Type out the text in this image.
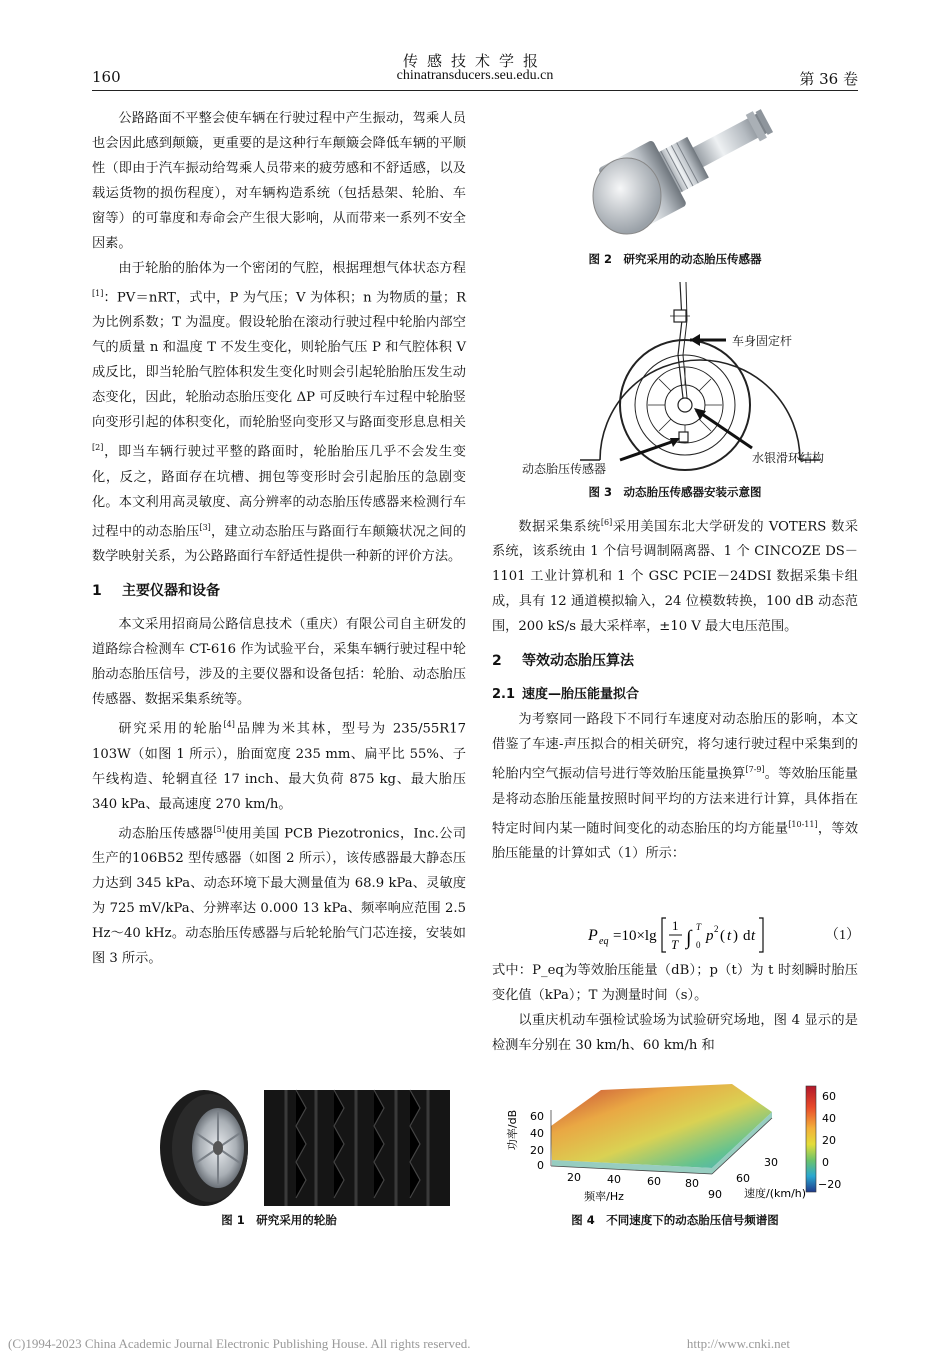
传感技术学报
160	chinatransducers.seu.edu.cn	第 36 卷

公路路面不平整会使车辆在行驶过程中产生振动，驾乘人员也会因此感到颠簸，更重要的是这种行车颠簸会降低车辆的平顺性（即由于汽车振动给驾乘人员带来的疲劳感和不舒适感，以及载运货物的损伤程度），对车辆构造系统（包括悬架、轮胎、车窗等）的可靠度和寿命会产生很大影响，从而带来一系列不安全因素。

由于轮胎的胎体为一个密闭的气腔，根据理想气体状态方程[1]：PV＝nRT，式中，P 为气压；V 为体积；n 为物质的量；R 为比例系数；T 为温度。假设轮胎在滚动行驶过程中轮胎内部空气的质量 n 和温度 T 不发生变化，则轮胎气压 P 和气腔体积 V 成反比，即当轮胎气腔体积发生变化时则会引起轮胎胎压发生动态变化，因此，轮胎动态胎压变化 ΔP 可反映行车过程中轮胎竖向变形引起的体积变化，而轮胎竖向变形又与路面变形息息相关[2]，即当车辆行驶过平整的路面时，轮胎胎压几乎不会发生变化，反之，路面存在坑槽、拥包等变形时会引起胎压的急剧变化。本文利用高灵敏度、高分辨率的动态胎压传感器来检测行车过程中的动态胎压[3]，建立动态胎压与路面行车颠簸状况之间的数学映射关系，为公路路面行车舒适性提供一种新的评价方法。

1 主要仪器和设备

本文采用招商局公路信息技术（重庆）有限公司自主研发的道路综合检测车 CT-616 作为试验平台，采集车辆行驶过程中轮胎动态胎压信号，涉及的主要仪器和设备包括：轮胎、动态胎压传感器、数据采集系统等。

研究采用的轮胎[4]品牌为米其林，型号为 235/55R17 103W（如图 1 所示），胎面宽度 235 mm、扁平比 55%、子午线构造、轮辋直径 17 inch、最大负荷 875 kg、最大胎压 340 kPa、最高速度 270 km/h。

动态胎压传感器[5]使用美国 PCB Piezotronics，Inc.公司生产的106B52 型传感器（如图 2 所示），该传感器最大静态压力达到 345 kPa、动态环境下最大测量值为 68.9 kPa、灵敏度为 725 mV/kPa、分辨率达 0.000 13 kPa、频率响应范围 2.5 Hz～40 kHz。动态胎压传感器与后轮轮胎气门芯连接，安装如图 3 所示。

图 1　研究采用的轮胎
图 2　研究采用的动态胎压传感器
车身固定杆
水银滑环结构
动态胎压传感器
图 3　动态胎压传感器安装示意图

数据采集系统[6]采用美国东北大学研发的 VOTERS 数采系统，该系统由 1 个信号调制隔离器、1 个 CINCOZE DS－1101 工业计算机和 1 个 GSC PCIE－24DSI 数据采集卡组成，具有 12 通道模拟输入，24 位模数转换，100 dB 动态范围，200 kS/s 最大采样率，±10 V 最大电压范围。

2 等效动态胎压算法

2.1 速度—胎压能量拟合

为考察同一路段下不同行车速度对动态胎压的影响，本文借鉴了车速-声压拟合的相关研究，将匀速行驶过程中采集到的轮胎内空气振动信号进行等效胎压能量换算[7-9]。等效胎压能量是将动态胎压能量按照时间平均的方法来进行计算，具体指在特定时间内某一随时间变化的动态胎压的均方能量[10-11]，等效胎压能量的计算如式（1）所示：

P eq =10×lg
1
T ∫ T
0
p 2 ( t ) d t	（1）

式中：P_eq为等效胎压能量（dB）；p（t）为 t 时刻瞬时胎压变化值（kPa）；T 为测量时间（s）。

以重庆机动车强检试验场为试验研究场地，图 4 显示的是检测车分别在 30 km/h、60 km/h 和

60
40
20
0
功率/dB
20 40 60 80
频率/Hz
30
60
90 速度/(km/h)
60
40
20
0
−20
图 4　不同速度下的动态胎压信号频谱图
(C)1994-2023 China Academic Journal Electronic Publishing House. All rights reserved.	http://www.cnki.net
